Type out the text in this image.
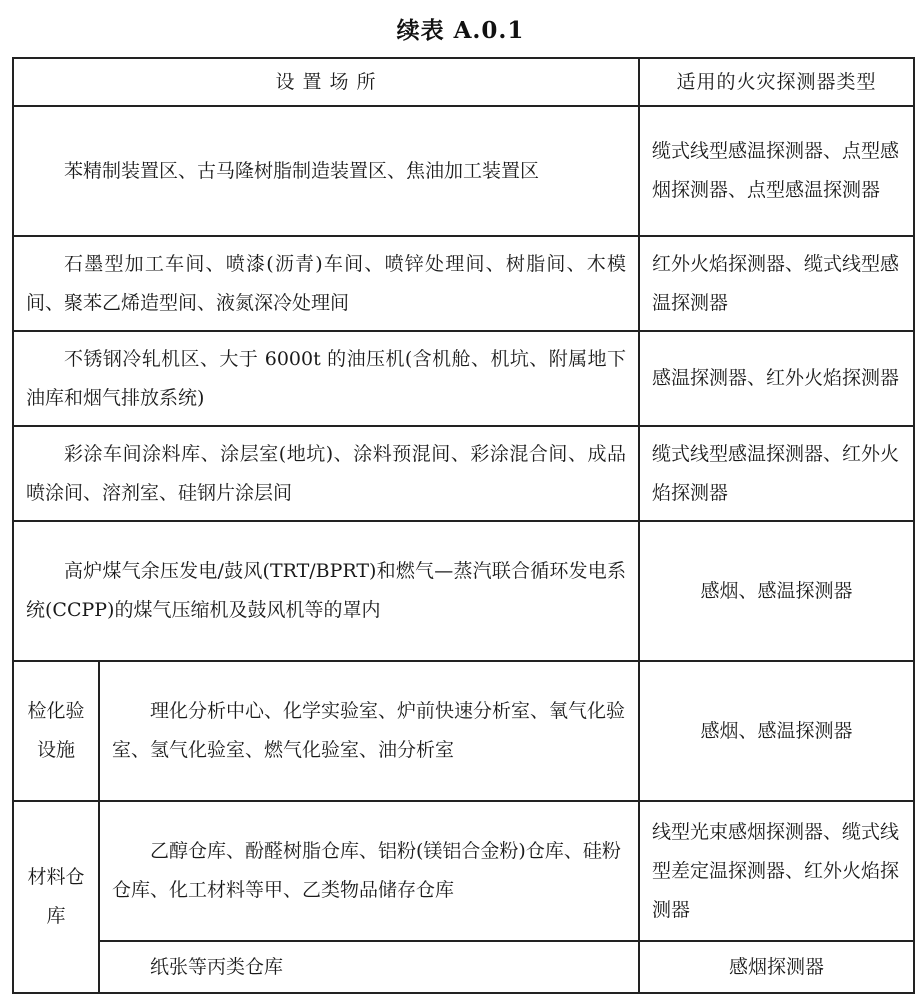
续表 A.0.1
设 置 场 所		适用的火灾探测器类型
苯精制装置区、古马隆树脂制造装置区、焦油加工装置区		缆式线型感温探测器、点型感烟探测器、点型感温探测器
石墨型加工车间、喷漆(沥青)车间、喷锌处理间、树脂间、木模间、聚苯乙烯造型间、液氮深冷处理间		红外火焰探测器、缆式线型感温探测器
不锈钢冷轧机区、大于 6000t 的油压机(含机舱、机坑、附属地下油库和烟气排放系统)		感温探测器、红外火焰探测器
彩涂车间涂料库、涂层室(地坑)、涂料预混间、彩涂混合间、成品喷涂间、溶剂室、硅钢片涂层间		缆式线型感温探测器、红外火焰探测器
高炉煤气余压发电/鼓风(TRT/BPRT)和燃气—蒸汽联合循环发电系统(CCPP)的煤气压缩机及鼓风机等的罩内		感烟、感温探测器
检化验设施	理化分析中心、化学实验室、炉前快速分析室、氧气化验室、氢气化验室、燃气化验室、油分析室	感烟、感温探测器
材料仓库	乙醇仓库、酚醛树脂仓库、铝粉(镁铝合金粉)仓库、硅粉仓库、化工材料等甲、乙类物品储存仓库	线型光束感烟探测器、缆式线型差定温探测器、红外火焰探测器
	纸张等丙类仓库	感烟探测器
